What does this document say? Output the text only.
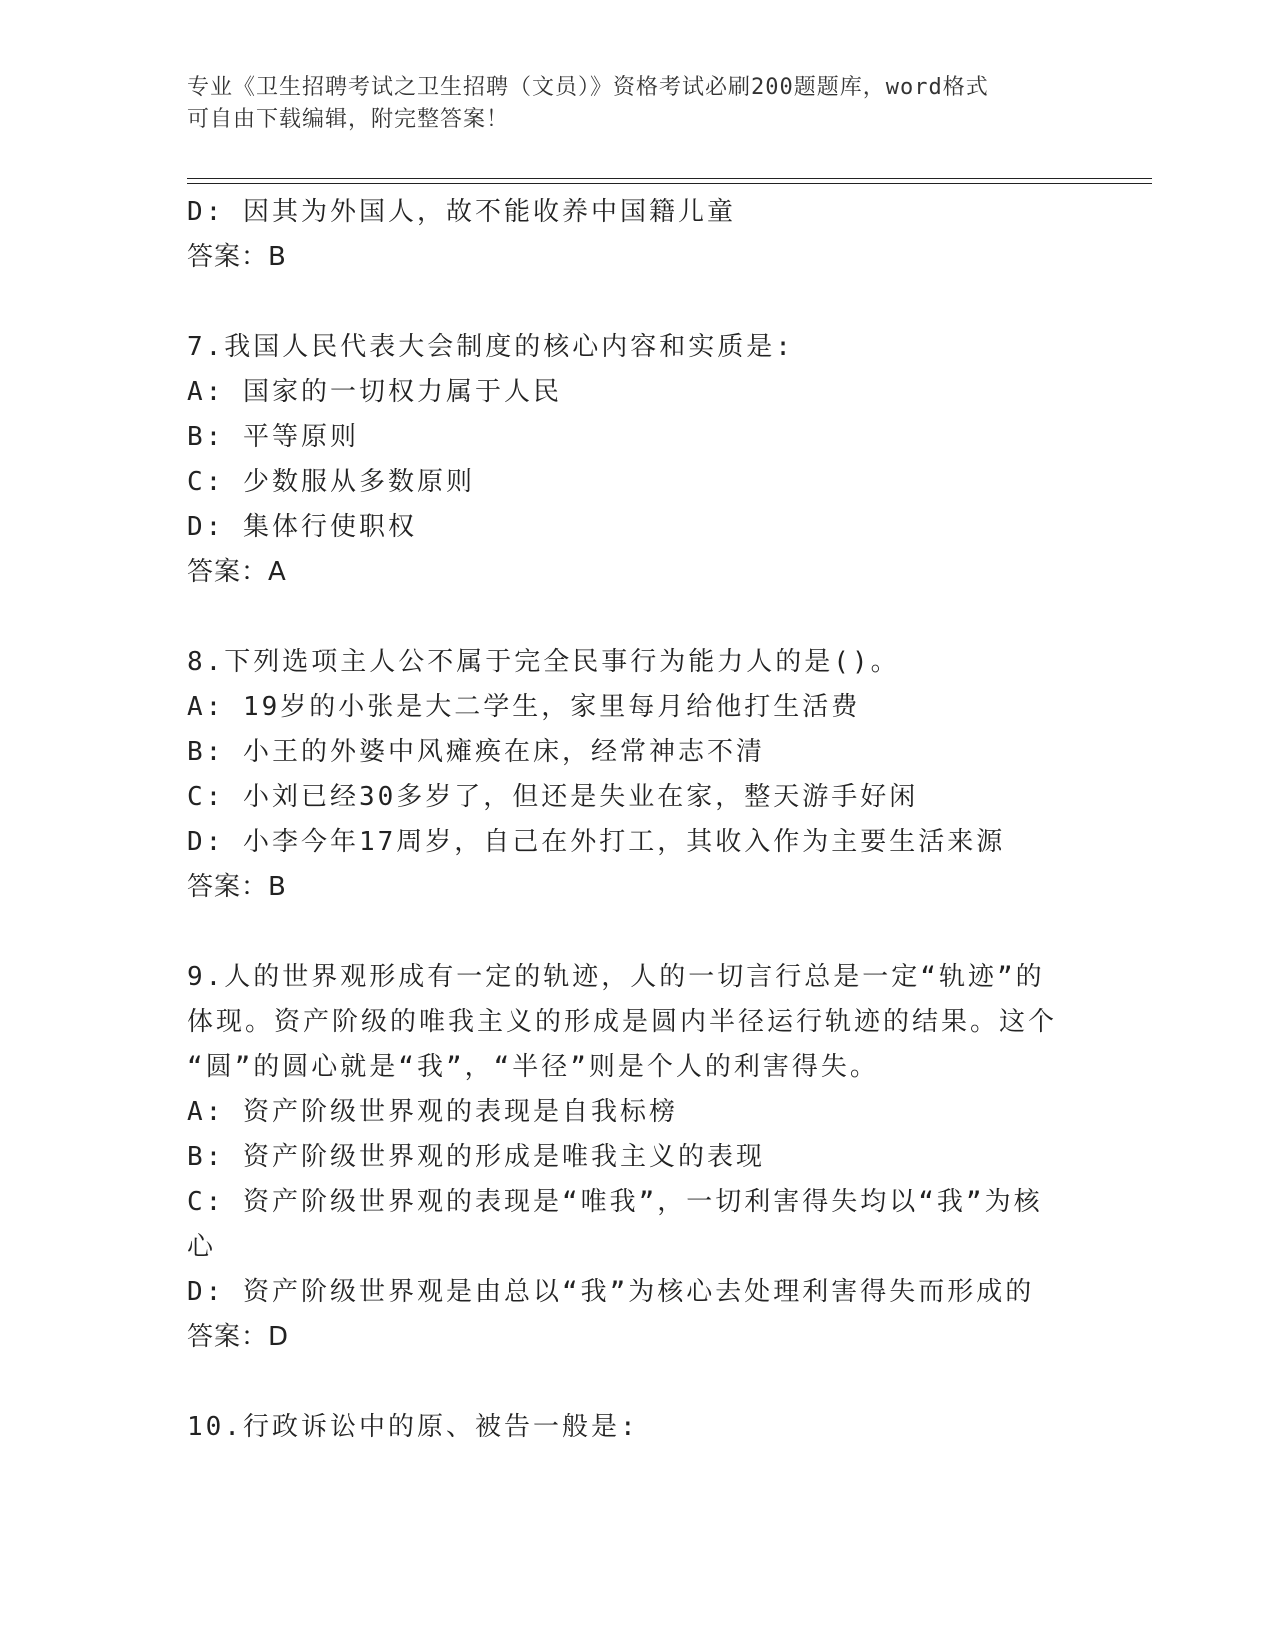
专业《卫生招聘考试之卫生招聘（文员）》资格考试必刷200题题库，word格式
可自由下载编辑，附完整答案！
D: 因其为外国人，故不能收养中国籍儿童
答案：B
7.我国人民代表大会制度的核心内容和实质是:
A: 国家的一切权力属于人民
B: 平等原则
C: 少数服从多数原则
D: 集体行使职权
答案：A
8.下列选项主人公不属于完全民事行为能力人的是()。
A: 19岁的小张是大二学生，家里每月给他打生活费
B: 小王的外婆中风瘫痪在床，经常神志不清
C: 小刘已经30多岁了，但还是失业在家，整天游手好闲
D: 小李今年17周岁，自己在外打工，其收入作为主要生活来源
答案：B
9.人的世界观形成有一定的轨迹，人的一切言行总是一定“轨迹”的
体现。资产阶级的唯我主义的形成是圆内半径运行轨迹的结果。这个
“圆”的圆心就是“我”，“半径”则是个人的利害得失。
A: 资产阶级世界观的表现是自我标榜
B: 资产阶级世界观的形成是唯我主义的表现
C: 资产阶级世界观的表现是“唯我”，一切利害得失均以“我”为核
心
D: 资产阶级世界观是由总以“我”为核心去处理利害得失而形成的
答案：D
10.行政诉讼中的原、被告一般是:
